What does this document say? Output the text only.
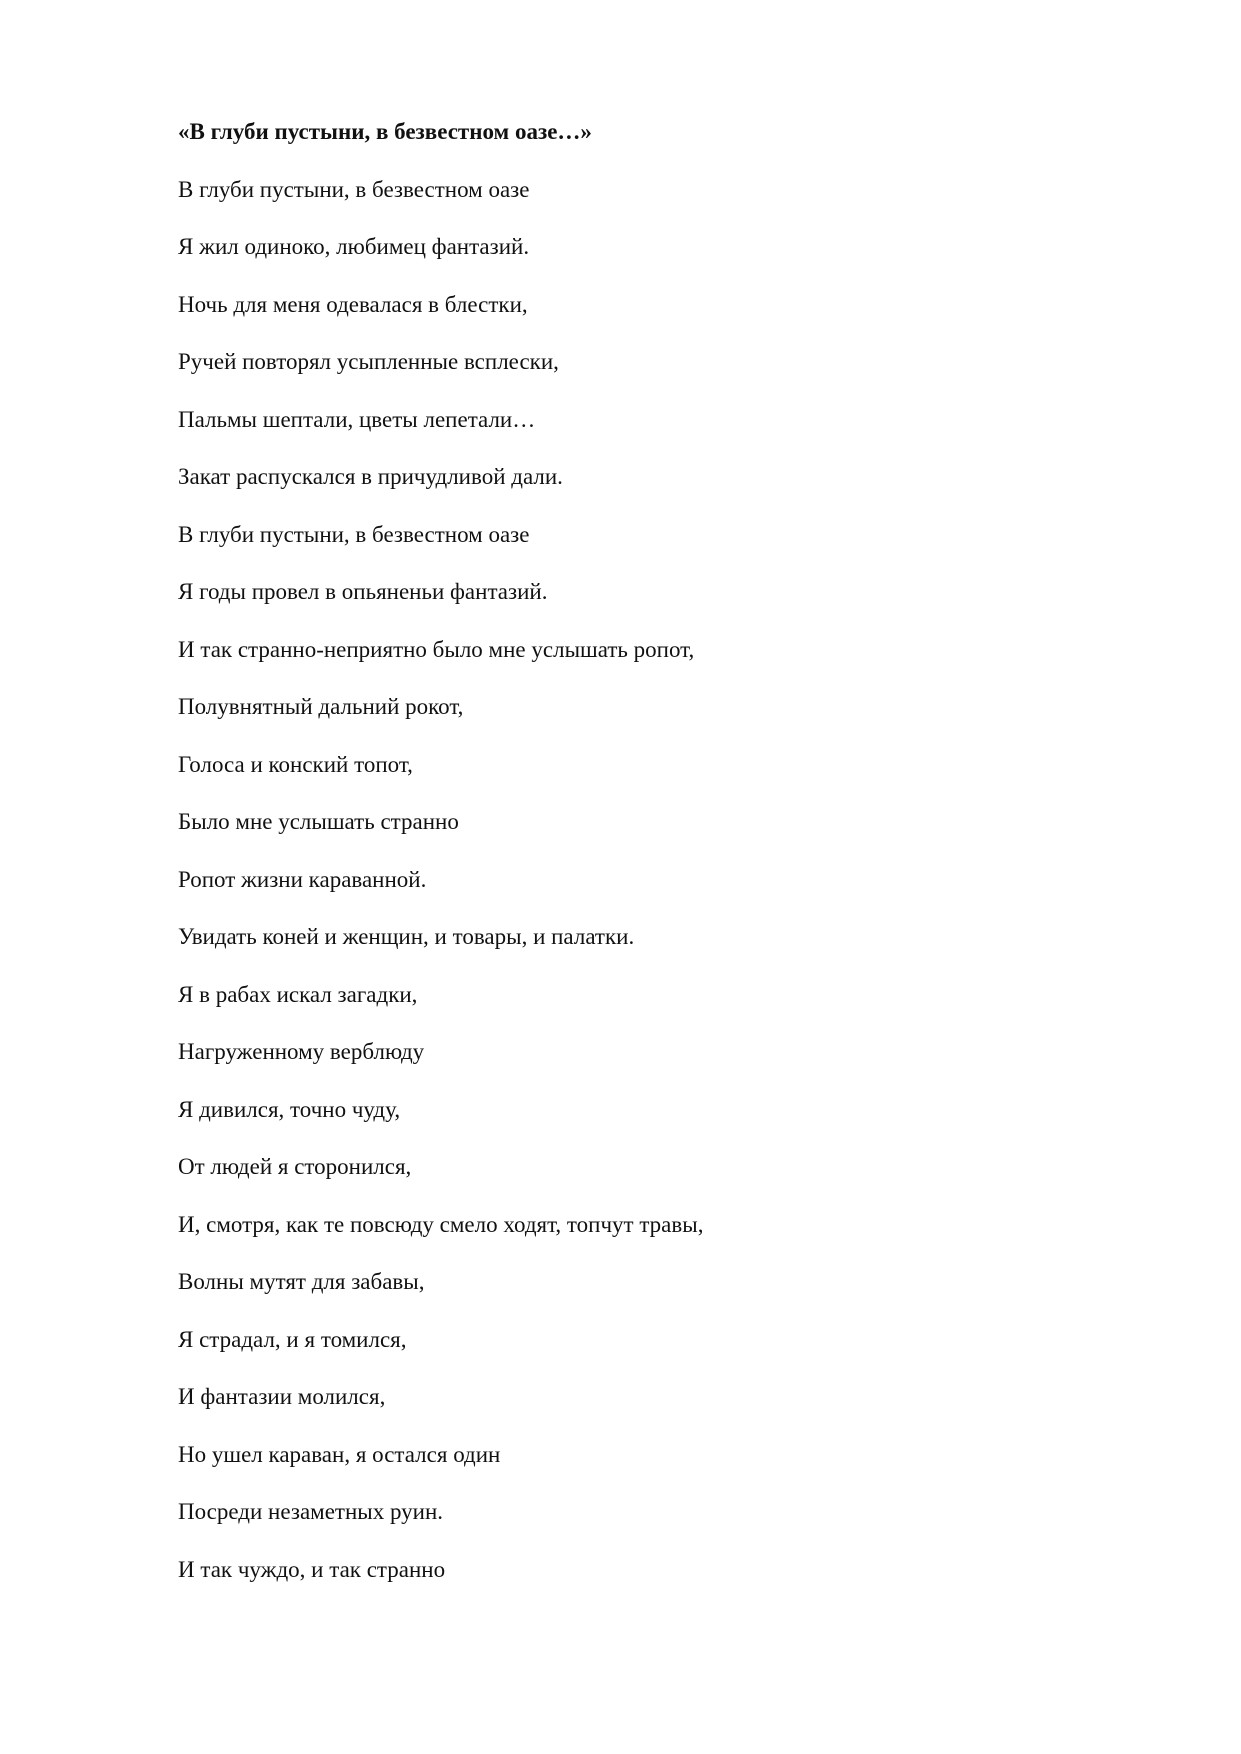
«В глуби пустыни, в безвестном оазе…»
В глуби пустыни, в безвестном оазе
Я жил одиноко, любимец фантазий.
Ночь для меня одевалася в блестки,
Ручей повторял усыпленные всплески,
Пальмы шептали, цветы лепетали…
Закат распускался в причудливой дали.
В глуби пустыни, в безвестном оазе
Я годы провел в опьяненьи фантазий.
И так странно-неприятно было мне услышать ропот,
Полувнятный дальний рокот,
Голоса и конский топот,
Было мне услышать странно
Ропот жизни караванной.
Увидать коней и женщин, и товары, и палатки.
Я в рабах искал загадки,
Нагруженному верблюду
Я дивился, точно чуду,
От людей я сторонился,
И, смотря, как те повсюду смело ходят, топчут травы,
Волны мутят для забавы,
Я страдал, и я томился,
И фантазии молился,
Но ушел караван, я остался один
Посреди незаметных руин.
И так чуждо, и так странно
